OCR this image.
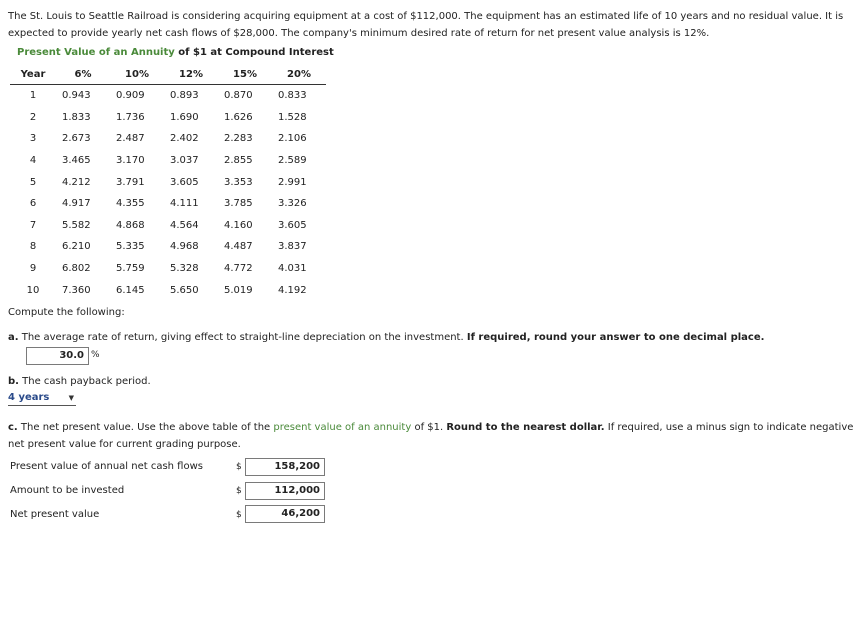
The St. Louis to Seattle Railroad is considering acquiring equipment at a cost of $112,000. The equipment has an estimated life of 10 years and no residual value. It is expected to provide yearly net cash flows of $28,000. The company's minimum desired rate of return for net present value analysis is 12%.
Present Value of an Annuity of $1 at Compound Interest
Year	6%	10%	12%	15%	20%
1	0.943	0.909	0.893	0.870	0.833
2	1.833	1.736	1.690	1.626	1.528
3	2.673	2.487	2.402	2.283	2.106
4	3.465	3.170	3.037	2.855	2.589
5	4.212	3.791	3.605	3.353	2.991
6	4.917	4.355	4.111	3.785	3.326
7	5.582	4.868	4.564	4.160	3.605
8	6.210	5.335	4.968	4.487	3.837
9	6.802	5.759	5.328	4.772	4.031
10	7.360	6.145	5.650	5.019	4.192
Compute the following:
a. The average rate of return, giving effect to straight-line depreciation on the investment. If required, round your answer to one decimal place.
30.0 %
b. The cash payback period.
4 years	▼
c. The net present value. Use the above table of the present value of an annuity of $1. Round to the nearest dollar. If required, use a minus sign to indicate negative net present value for current grading purpose.
Present value of annual net cash flows	$	158,200
Amount to be invested	$	112,000
Net present value	$	46,200
